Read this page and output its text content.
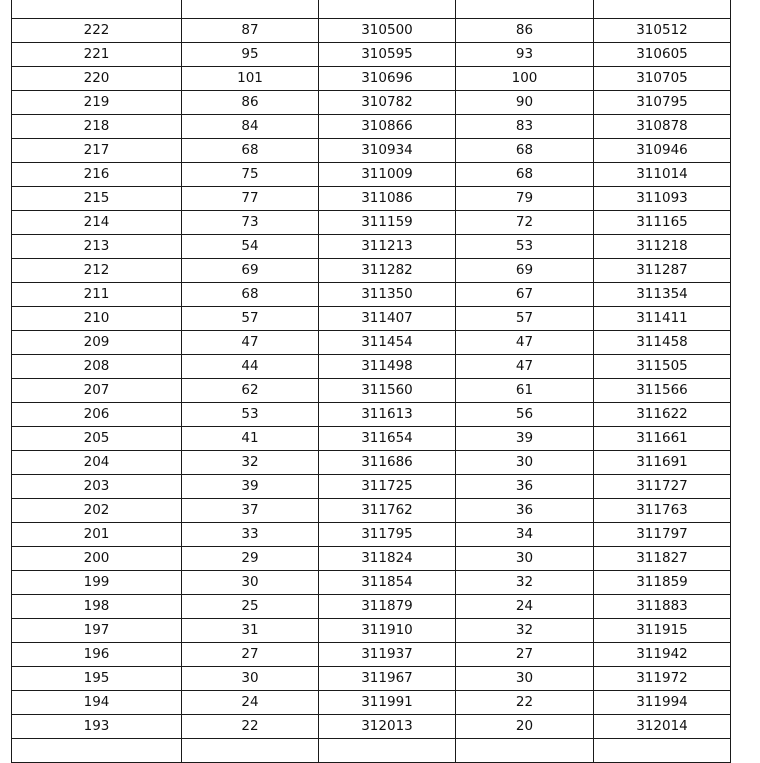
222	87	310500	86	310512
221	95	310595	93	310605
220	101	310696	100	310705
219	86	310782	90	310795
218	84	310866	83	310878
217	68	310934	68	310946
216	75	311009	68	311014
215	77	311086	79	311093
214	73	311159	72	311165
213	54	311213	53	311218
212	69	311282	69	311287
211	68	311350	67	311354
210	57	311407	57	311411
209	47	311454	47	311458
208	44	311498	47	311505
207	62	311560	61	311566
206	53	311613	56	311622
205	41	311654	39	311661
204	32	311686	30	311691
203	39	311725	36	311727
202	37	311762	36	311763
201	33	311795	34	311797
200	29	311824	30	311827
199	30	311854	32	311859
198	25	311879	24	311883
197	31	311910	32	311915
196	27	311937	27	311942
195	30	311967	30	311972
194	24	311991	22	311994
193	22	312013	20	312014
